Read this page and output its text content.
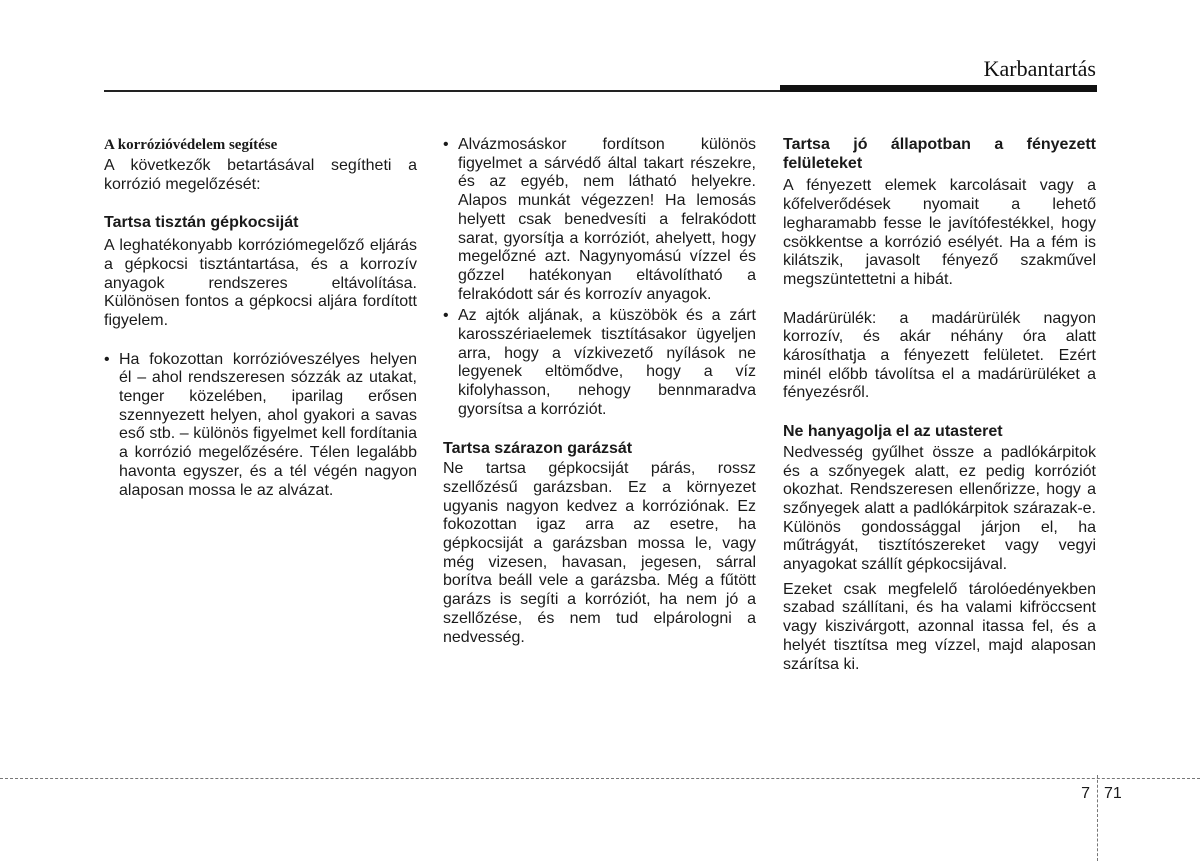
Karbantartás

A korrózióvédelem segítése

A következők betartásával segítheti a korrózió megelőzését:

Tartsa tisztán gépkocsiját

A leghatékonyabb korróziómegelőző eljárás a gépkocsi tisztántartása, és a korrozív anyagok rendszeres eltávolítása. Különösen fontos a gépkocsi aljára fordított figyelem.

• Ha fokozottan korrózióveszélyes helyen él – ahol rendszeresen sózzák az utakat, tenger közelében, iparilag erősen szennyezett helyen, ahol gyakori a savas eső stb. – különös figyelmet kell fordítania a korrózió megelőzésére. Télen legalább havonta egyszer, és a tél végén nagyon alaposan mossa le az alvázat.
• Alvázmosáskor fordítson különös figyelmet a sárvédő által takart részekre, és az egyéb, nem látható helyekre. Alapos munkát végezzen! Ha lemosás helyett csak benedvesíti a felrakódott sarat, gyorsítja a korróziót, ahelyett, hogy megelőzné azt. Nagynyomású vízzel és gőzzel hatékonyan eltávolítható a felrakódott sár és korrozív anyagok.
• Az ajtók aljának, a küszöbök és a zárt karosszériaelemek tisztításakor ügyeljen arra, hogy a vízkivezető nyílások ne legyenek eltömődve, hogy a víz kifolyhasson, nehogy bennmaradva gyorsítsa a korróziót.

Tartsa szárazon garázsát

Ne tartsa gépkocsiját párás, rossz szellőzésű garázsban. Ez a környezet ugyanis nagyon kedvez a korróziónak. Ez fokozottan igaz arra az esetre, ha gépkocsiját a garázsban mossa le, vagy még vizesen, havasan, jegesen, sárral borítva beáll vele a garázsba. Még a fűtött garázs is segíti a korróziót, ha nem jó a szellőzése, és nem tud elpárologni a nedvesség.

Tartsa jó állapotban a fényezett felületeket

A fényezett elemek karcolásait vagy a kőfelverődések nyomait a lehető legharamabb fesse le javítófestékkel, hogy csökkentse a korrózió esélyét. Ha a fém is kilátszik, javasolt fényező szakművel megszüntettetni a hibát.

Madárürülék: a madárürülék nagyon korrozív, és akár néhány óra alatt károsíthatja a fényezett felületet. Ezért minél előbb távolítsa el a madárürüléket a fényezésről.

Ne hanyagolja el az utasteret

Nedvesség gyűlhet össze a padlókárpitok és a szőnyegek alatt, ez pedig korróziót okozhat. Rendszeresen ellenőrizze, hogy a szőnyegek alatt a padlókárpitok szárazak-e. Különös gondossággal járjon el, ha műtrágyát, tisztítószereket vagy vegyi anyagokat szállít gépkocsijával.

Ezeket csak megfelelő tárolóedényekben szabad szállítani, és ha valami kifröccsent vagy kiszivárgott, azonnal itassa fel, és a helyét tisztítsa meg vízzel, majd alaposan szárítsa ki.

7 71
